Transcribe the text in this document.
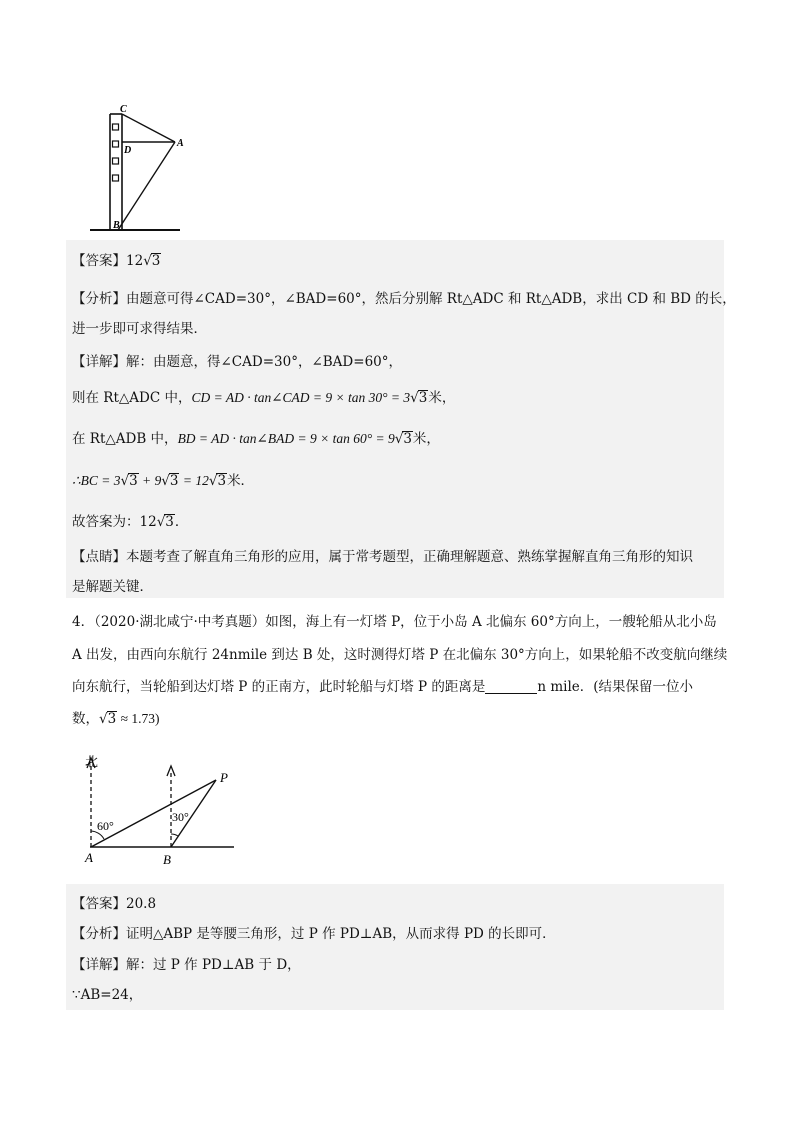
C
D
A
B
【答案】12√3
【分析】由题意可得∠CAD=30°，∠BAD=60°，然后分别解 Rt△ADC 和 Rt△ADB，求出 CD 和 BD 的长，
进一步即可求得结果．
【详解】解：由题意，得∠CAD=30°，∠BAD=60°，
则在 Rt△ADC 中，CD = AD · tan∠CAD = 9 × tan 30° = 3√3米，
在 Rt△ADB 中，BD = AD · tan∠BAD = 9 × tan 60° = 9√3米，
∴BC = 3√3 + 9√3 = 12√3米．
故答案为：12√3．
【点睛】本题考查了解直角三角形的应用，属于常考题型，正确理解题意、熟练掌握解直角三角形的知识
是解题关键．
4．（2020·湖北咸宁·中考真题）如图，海上有一灯塔 P，位于小岛 A 北偏东 60°方向上，一艘轮船从北小岛
A 出发，由西向东航行 24nmile 到达 B 处，这时测得灯塔 P 在北偏东 30°方向上，如果轮船不改变航向继续
向东航行，当轮船到达灯塔 P 的正南方，此时轮船与灯塔 P 的距离是	n mile．(结果保留一位小
数，√3 ≈ 1.73)
北
P
A	B
60°
30°
【答案】20.8
【分析】证明△ABP 是等腰三角形，过 P 作 PD⊥AB，从而求得 PD 的长即可．
【详解】解：过 P 作 PD⊥AB 于 D，
∵AB=24，
